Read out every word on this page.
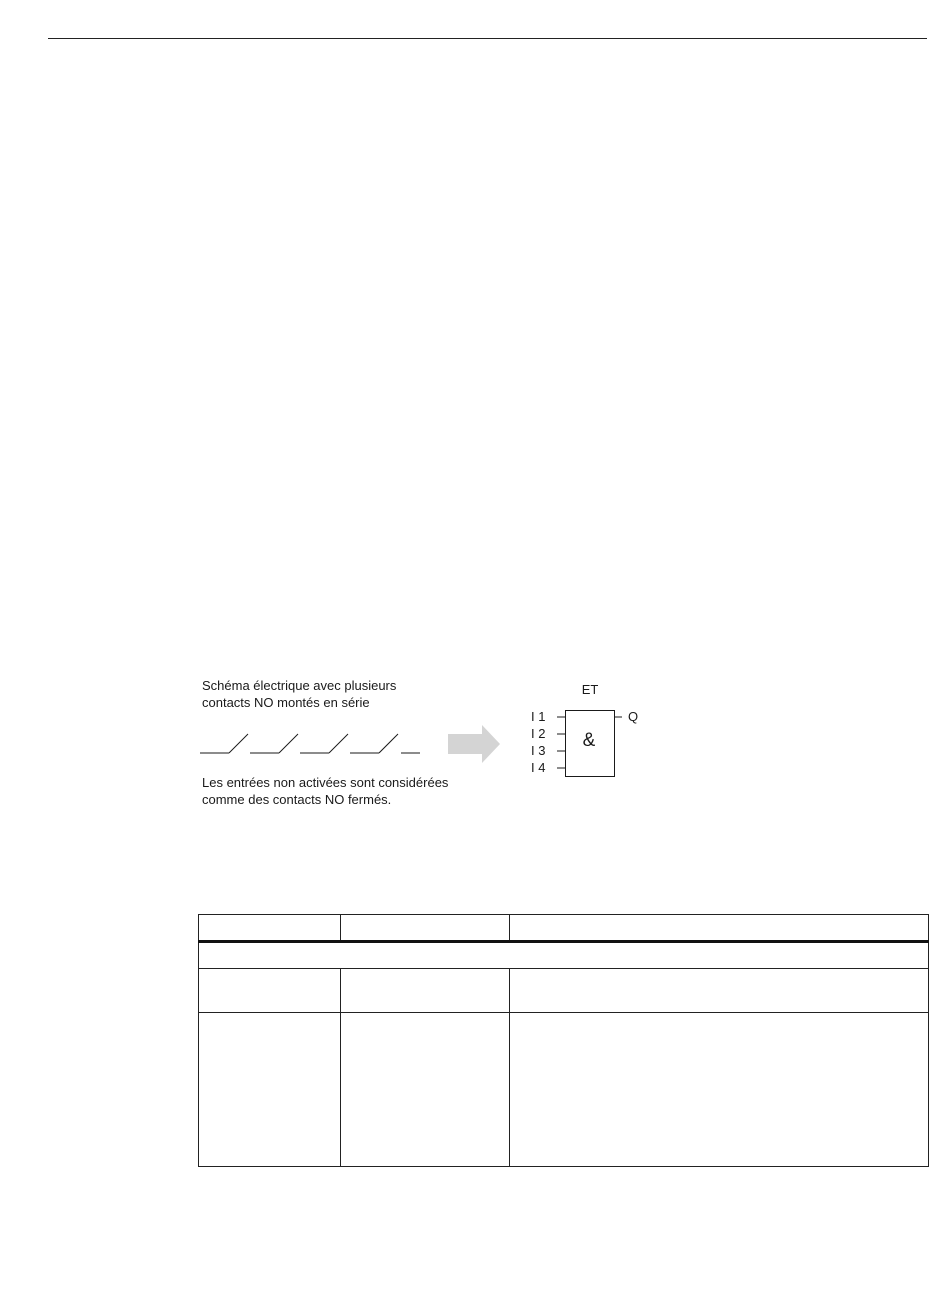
Schéma électrique avec plusieurs
contacts NO montés en série
Les entrées non activées sont considérées
comme des contacts NO fermés.
ET
&
I 1
I 2
I 3
I 4
Q
